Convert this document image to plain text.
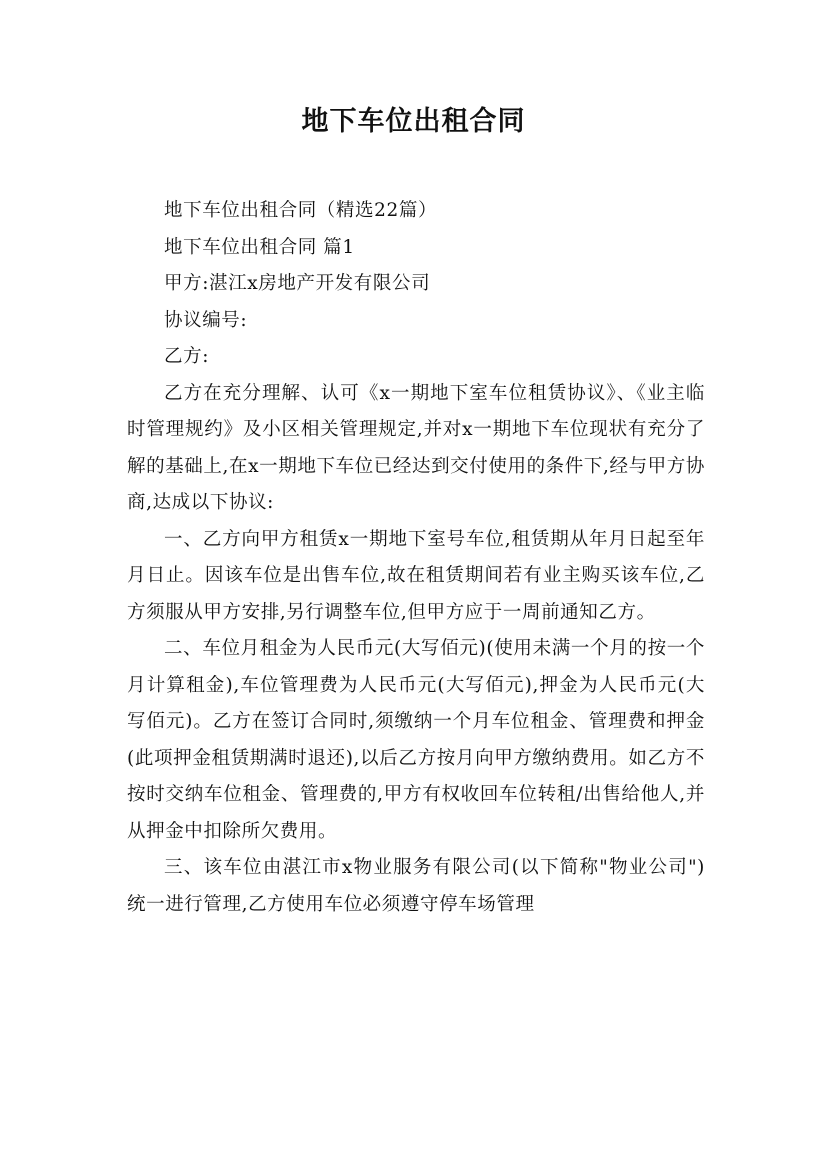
地下车位出租合同

地下车位出租合同（精选22篇）

地下车位出租合同 篇1

甲方:湛江x房地产开发有限公司

协议编号:

乙方:

乙方在充分理解、认可《x一期地下室车位租赁协议》、《业主临时管理规约》及小区相关管理规定,并对x一期地下车位现状有充分了解的基础上,在x一期地下车位已经达到交付使用的条件下,经与甲方协商,达成以下协议:

一、乙方向甲方租赁x一期地下室号车位,租赁期从年月日起至年月日止。因该车位是出售车位,故在租赁期间若有业主购买该车位,乙方须服从甲方安排,另行调整车位,但甲方应于一周前通知乙方。

二、车位月租金为人民币元(大写佰元)(使用未满一个月的按一个月计算租金),车位管理费为人民币元(大写佰元),押金为人民币元(大写佰元)。乙方在签订合同时,须缴纳一个月车位租金、管理费和押金(此项押金租赁期满时退还),以后乙方按月向甲方缴纳费用。如乙方不按时交纳车位租金、管理费的,甲方有权收回车位转租/出售给他人,并从押金中扣除所欠费用。

三、该车位由湛江市x物业服务有限公司(以下简称"物业公司")统一进行管理,乙方使用车位必须遵守停车场管理
